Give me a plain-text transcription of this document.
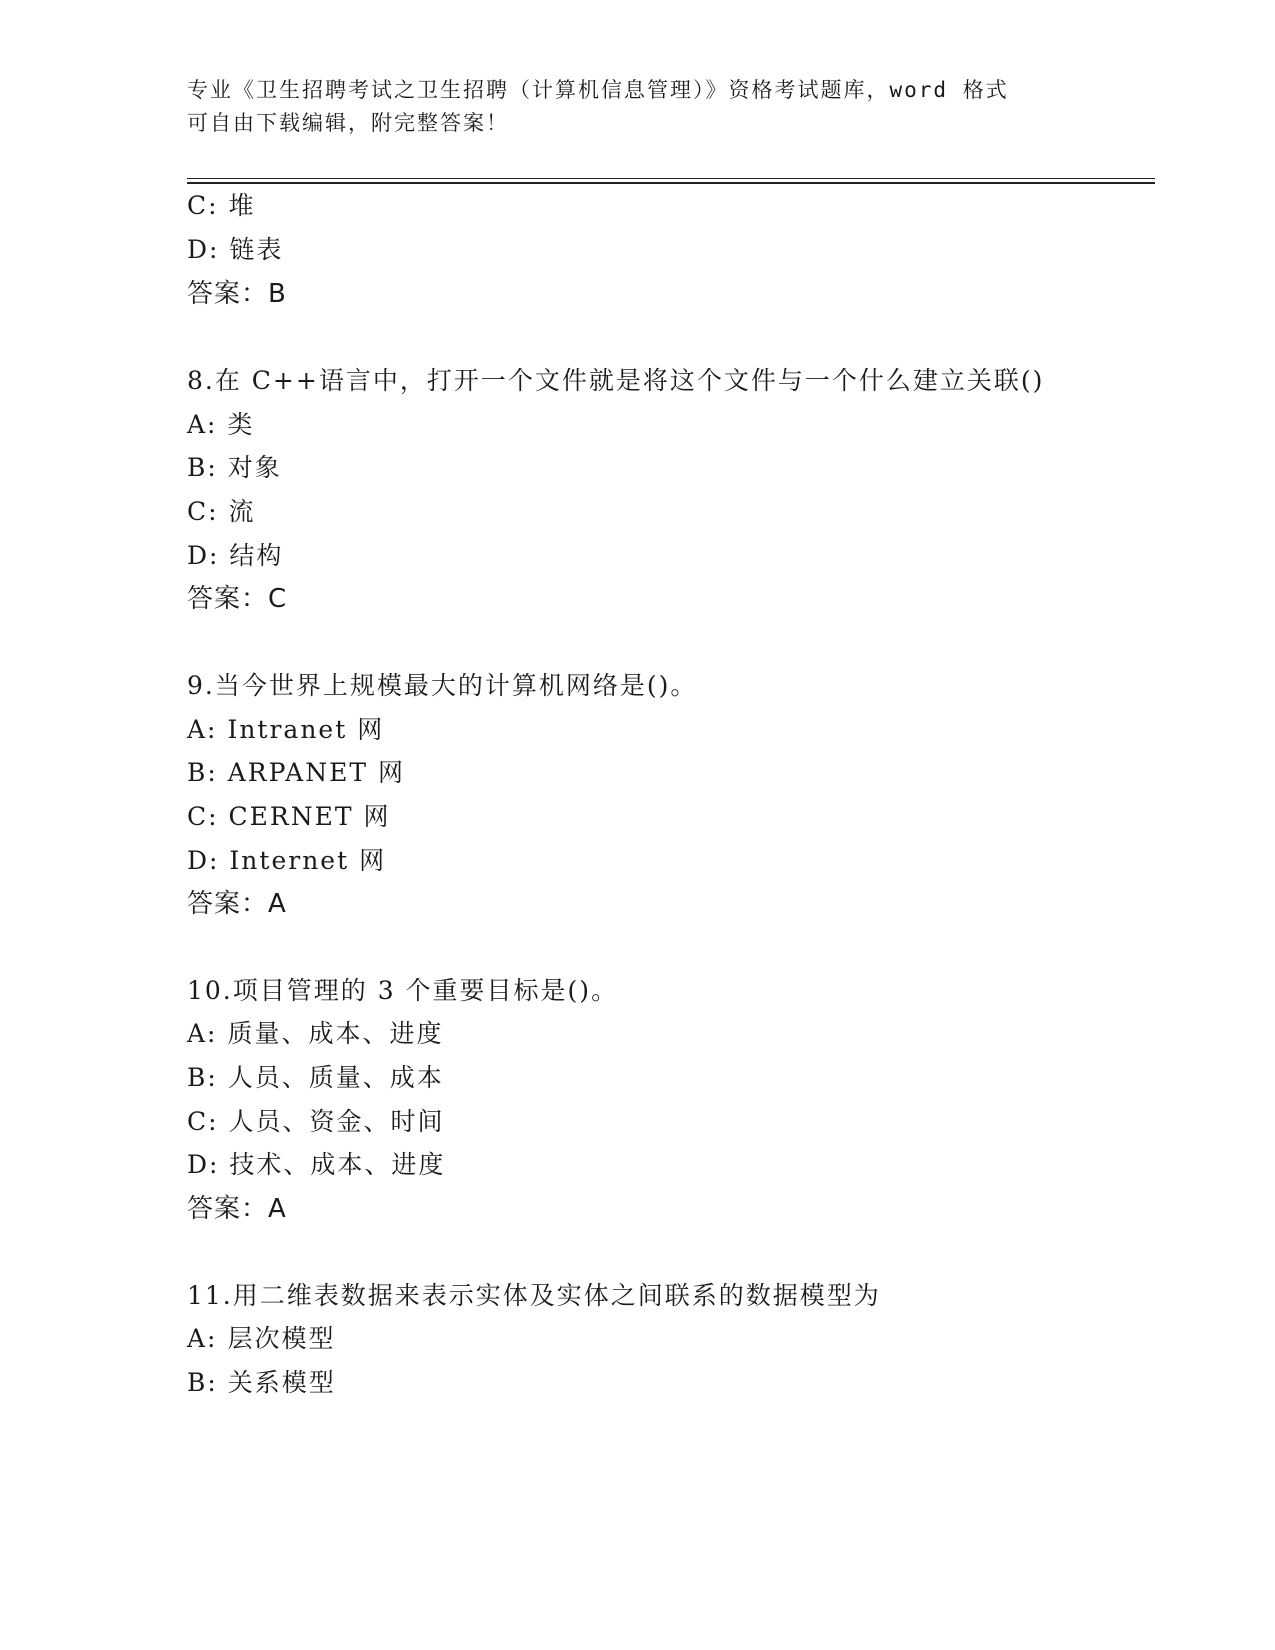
专业《卫生招聘考试之卫生招聘（计算机信息管理）》资格考试题库，word 格式
可自由下载编辑，附完整答案！
C: 堆
D: 链表
答案：B
8.在 C++语言中，打开一个文件就是将这个文件与一个什么建立关联()
A: 类
B: 对象
C: 流
D: 结构
答案：C
9.当今世界上规模最大的计算机网络是()。
A: Intranet 网
B: ARPANET 网
C: CERNET 网
D: Internet 网
答案：A
10.项目管理的 3 个重要目标是()。
A: 质量、成本、进度
B: 人员、质量、成本
C: 人员、资金、时间
D: 技术、成本、进度
答案：A
11.用二维表数据来表示实体及实体之间联系的数据模型为
A: 层次模型
B: 关系模型
